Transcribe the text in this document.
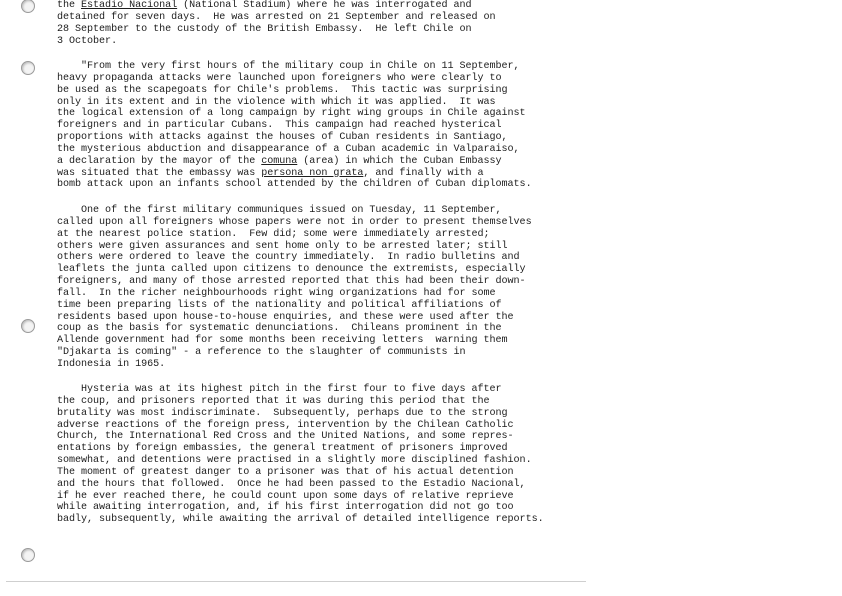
the Estadio Nacional (National Stadium) where he was interrogated and
detained for seven days.  He was arrested on 21 September and released on
28 September to the custody of the British Embassy.  He left Chile on
3 October.
"From the very first hours of the military coup in Chile on 11 September,
heavy propaganda attacks were launched upon foreigners who were clearly to
be used as the scapegoats for Chile's problems.  This tactic was surprising
only in its extent and in the violence with which it was applied.  It was
the logical extension of a long campaign by right wing groups in Chile against
foreigners and in particular Cubans.  This campaign had reached hysterical
proportions with attacks against the houses of Cuban residents in Santiago,
the mysterious abduction and disappearance of a Cuban academic in Valparaiso,
a declaration by the mayor of the comuna (area) in which the Cuban Embassy
was situated that the embassy was persona non grata, and finally with a
bomb attack upon an infants school attended by the children of Cuban diplomats.
One of the first military communiques issued on Tuesday, 11 September,
called upon all foreigners whose papers were not in order to present themselves
at the nearest police station.  Few did; some were immediately arrested;
others were given assurances and sent home only to be arrested later; still
others were ordered to leave the country immediately.  In radio bulletins and
leaflets the junta called upon citizens to denounce the extremists, especially
foreigners, and many of those arrested reported that this had been their down-
fall.  In the richer neighbourhoods right wing organizations had for some
time been preparing lists of the nationality and political affiliations of
residents based upon house-to-house enquiries, and these were used after the
coup as the basis for systematic denunciations.  Chileans prominent in the
Allende government had for some months been receiving letters  warning them
"Djakarta is coming" - a reference to the slaughter of communists in
Indonesia in 1965.
Hysteria was at its highest pitch in the first four to five days after
the coup, and prisoners reported that it was during this period that the
brutality was most indiscriminate.  Subsequently, perhaps due to the strong
adverse reactions of the foreign press, intervention by the Chilean Catholic
Church, the International Red Cross and the United Nations, and some repres-
entations by foreign embassies, the general treatment of prisoners improved
somewhat, and detentions were practised in a slightly more disciplined fashion.
The moment of greatest danger to a prisoner was that of his actual detention
and the hours that followed.  Once he had been passed to the Estadio Nacional,
if he ever reached there, he could count upon some days of relative reprieve
while awaiting interrogation, and, if his first interrogation did not go too
badly, subsequently, while awaiting the arrival of detailed intelligence reports.
